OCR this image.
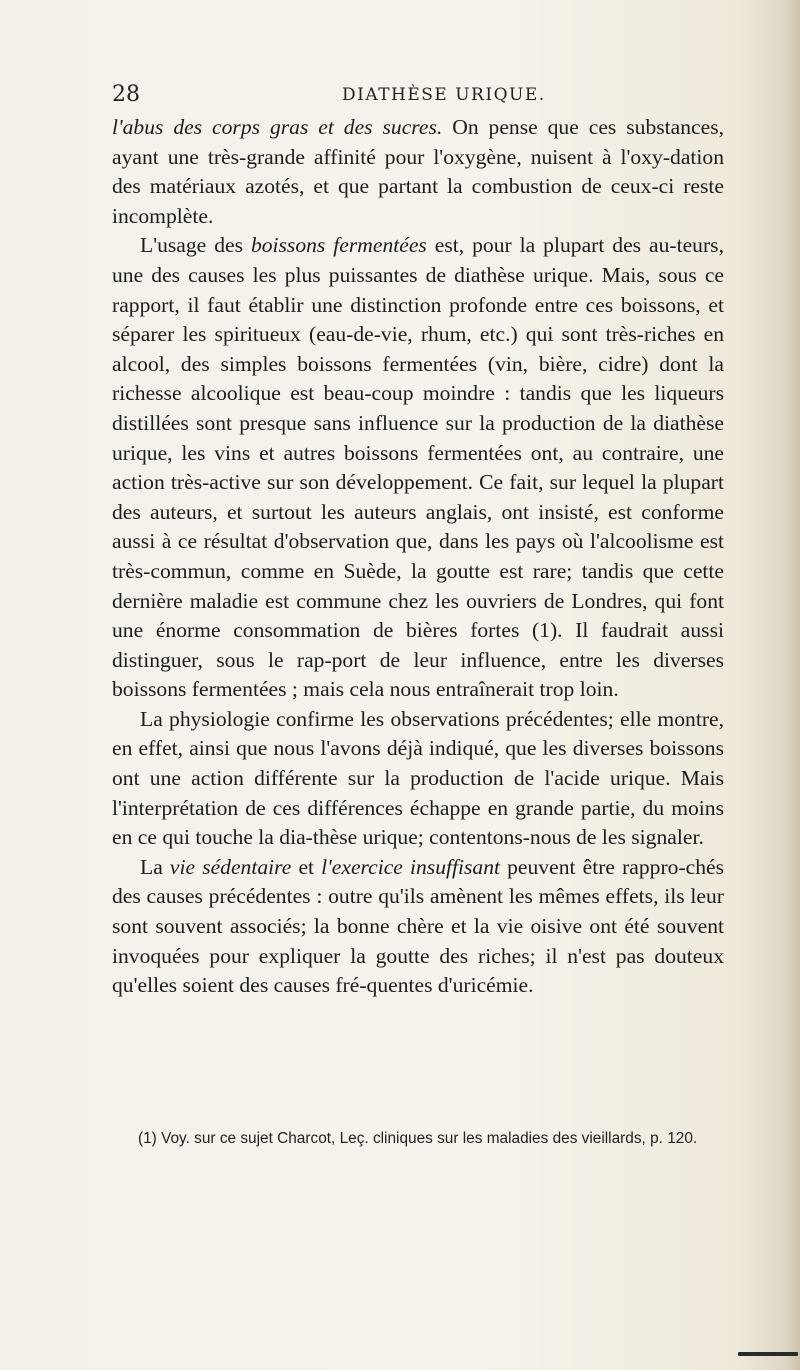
28	DIATHÈSE URIQUE.

l'abus des corps gras et des sucres. On pense que ces substances, ayant une très-grande affinité pour l'oxygène, nuisent à l'oxy-dation des matériaux azotés, et que partant la combustion de ceux-ci reste incomplète.

L'usage des boissons fermentées est, pour la plupart des au-teurs, une des causes les plus puissantes de diathèse urique. Mais, sous ce rapport, il faut établir une distinction profonde entre ces boissons, et séparer les spiritueux (eau-de-vie, rhum, etc.) qui sont très-riches en alcool, des simples boissons fermentées (vin, bière, cidre) dont la richesse alcoolique est beau-coup moindre : tandis que les liqueurs distillées sont presque sans influence sur la production de la diathèse urique, les vins et autres boissons fermentées ont, au contraire, une action très-active sur son développement. Ce fait, sur lequel la plupart des auteurs, et surtout les auteurs anglais, ont insisté, est conforme aussi à ce résultat d'observation que, dans les pays où l'alcoolisme est très-commun, comme en Suède, la goutte est rare; tandis que cette dernière maladie est commune chez les ouvriers de Londres, qui font une énorme consommation de bières fortes (1). Il faudrait aussi distinguer, sous le rap-port de leur influence, entre les diverses boissons fermentées ; mais cela nous entraînerait trop loin.

La physiologie confirme les observations précédentes; elle montre, en effet, ainsi que nous l'avons déjà indiqué, que les diverses boissons ont une action différente sur la production de l'acide urique. Mais l'interprétation de ces différences échappe en grande partie, du moins en ce qui touche la dia-thèse urique; contentons-nous de les signaler.

La vie sédentaire et l'exercice insuffisant peuvent être rappro-chés des causes précédentes : outre qu'ils amènent les mêmes effets, ils leur sont souvent associés; la bonne chère et la vie oisive ont été souvent invoquées pour expliquer la goutte des riches; il n'est pas douteux qu'elles soient des causes fré-quentes d'uricémie.

(1) Voy. sur ce sujet Charcot, Leç. cliniques sur les maladies des vieillards, p. 120.
